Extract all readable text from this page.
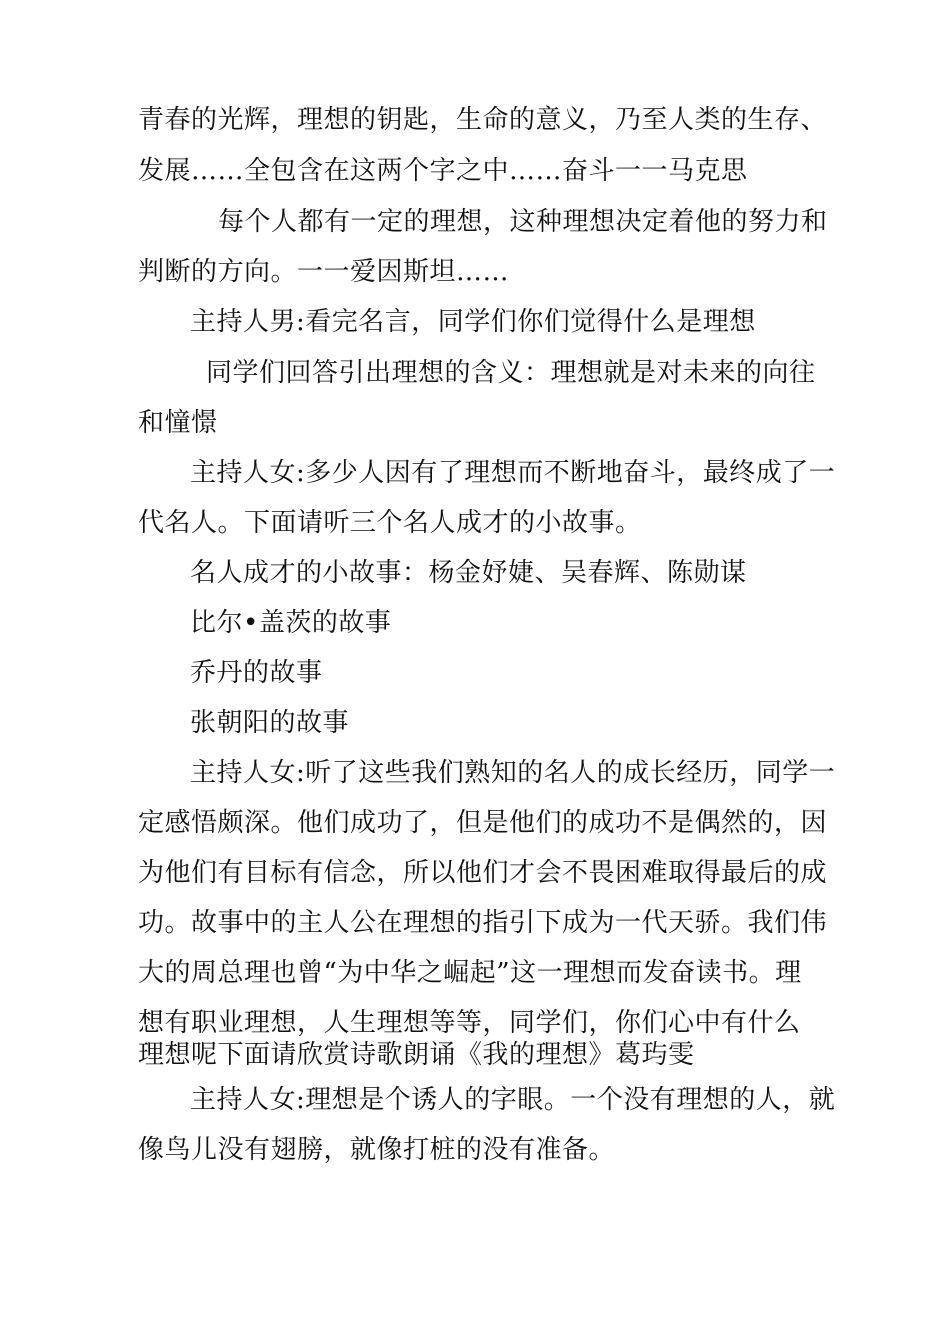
青春的光辉，理想的钥匙，生命的意义，乃至人类的生存、
发展……全包含在这两个字之中……奋斗一一马克思
每个人都有一定的理想，这种理想决定着他的努力和
判断的方向。一一爱因斯坦……
主持人男:看完名言，同学们你们觉得什么是理想
同学们回答引出理想的含义：理想就是对未来的向往
和憧憬
主持人女:多少人因有了理想而不断地奋斗，最终成了一
代名人。下面请听三个名人成才的小故事。
名人成才的小故事：杨金妤婕、吴春辉、陈勋谋
比尔•盖茨的故事
乔丹的故事
张朝阳的故事
主持人女:听了这些我们熟知的名人的成长经历，同学一
定感悟颇深。他们成功了，但是他们的成功不是偶然的，因
为他们有目标有信念，所以他们才会不畏困难取得最后的成
功。故事中的主人公在理想的指引下成为一代天骄。我们伟
大的周总理也曾“为中华之崛起”这一理想而发奋读书。理
想有职业理想，人生理想等等，同学们，你们心中有什么
理想呢下面请欣赏诗歌朗诵《我的理想》葛玙雯
主持人女:理想是个诱人的字眼。一个没有理想的人，就
像鸟儿没有翅膀，就像打桩的没有准备。
